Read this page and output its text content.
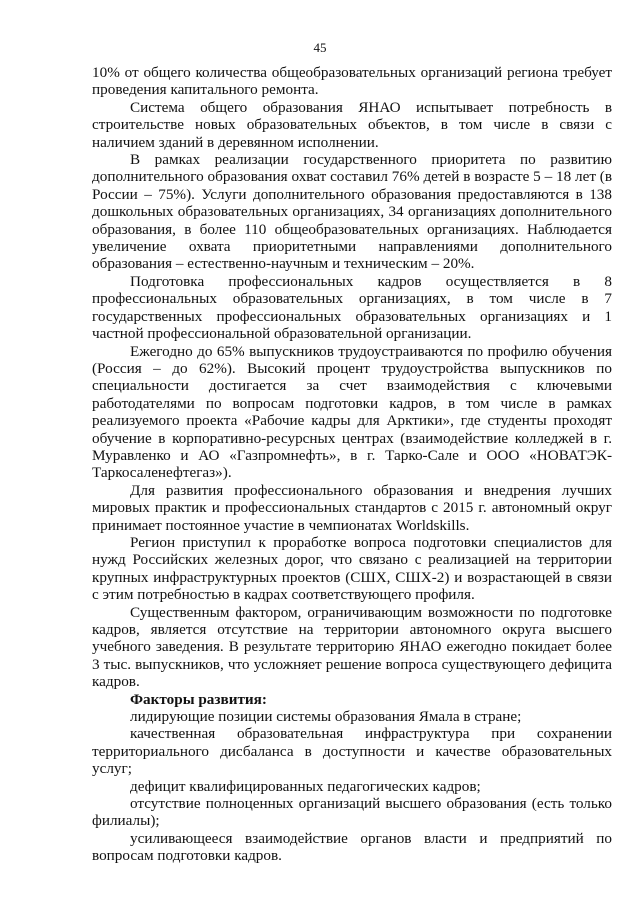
45

10% от общего количества общеобразовательных организаций региона требует проведения капитального ремонта.

Система общего образования ЯНАО испытывает потребность в строительстве новых образовательных объектов, в том числе в связи с наличием зданий в деревянном исполнении.

В рамках реализации государственного приоритета по развитию дополнительного образования охват составил 76% детей в возрасте 5 – 18 лет (в России – 75%). Услуги дополнительного образования предоставляются в 138 дошкольных образовательных организациях, 34 организациях дополнительного образования, в более 110 общеобразовательных организациях. Наблюдается увеличение охвата приоритетными направлениями дополнительного образования – естественно-научным и техническим – 20%.

Подготовка профессиональных кадров осуществляется в 8 профессиональных образовательных организациях, в том числе в 7 государственных профессиональных образовательных организациях и 1 частной профессиональной образовательной организации.

Ежегодно до 65% выпускников трудоустраиваются по профилю обучения (Россия – до 62%). Высокий процент трудоустройства выпускников по специальности достигается за счет взаимодействия с ключевыми работодателями по вопросам подготовки кадров, в том числе в рамках реализуемого проекта «Рабочие кадры для Арктики», где студенты проходят обучение в корпоративно-ресурсных центрах (взаимодействие колледжей в г. Муравленко и АО «Газпромнефть», в г. Тарко-Сале и ООО «НОВАТЭК-Таркосаленефтегаз»).

Для развития профессионального образования и внедрения лучших мировых практик и профессиональных стандартов с 2015 г. автономный округ принимает постоянное участие в чемпионатах Worldskills.

Регион приступил к проработке вопроса подготовки специалистов для нужд Российских железных дорог, что связано с реализацией на территории крупных инфраструктурных проектов (СШХ, СШХ-2) и возрастающей в связи с этим потребностью в кадрах соответствующего профиля.

Существенным фактором, ограничивающим возможности по подготовке кадров, является отсутствие на территории автономного округа высшего учебного заведения. В результате территорию ЯНАО ежегодно покидает более 3 тыс. выпускников, что усложняет решение вопроса существующего дефицита кадров.

Факторы развития:

лидирующие позиции системы образования Ямала в стране;

качественная образовательная инфраструктура при сохранении территориального дисбаланса в доступности и качестве образовательных услуг;

дефицит квалифицированных педагогических кадров;

отсутствие полноценных организаций высшего образования (есть только филиалы);

усиливающееся взаимодействие органов власти и предприятий по вопросам подготовки кадров.
